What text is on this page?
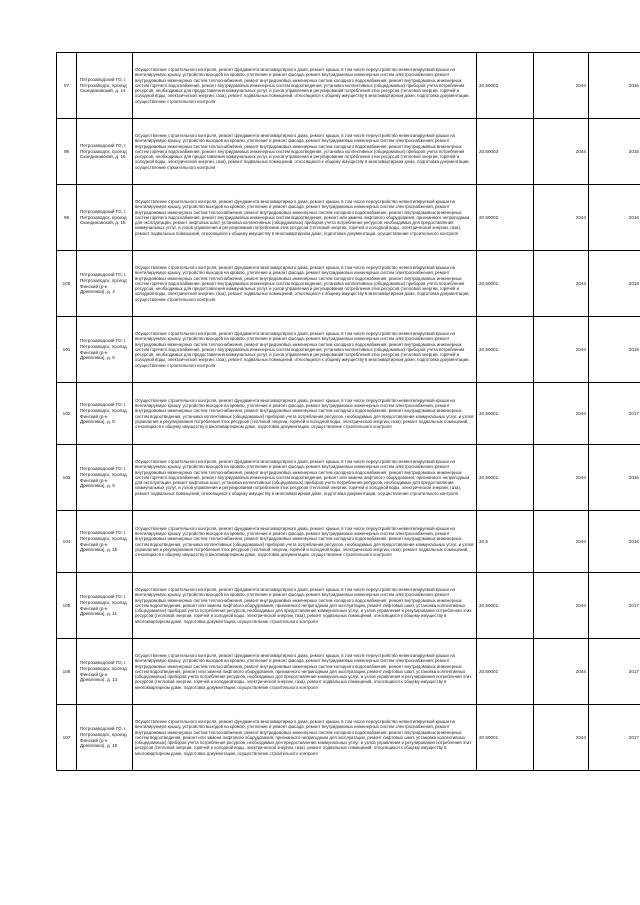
97	Петрозаводский ГО, г. Петрозаводск, проезд Скандинавский, д. 14	Осуществление строительного контроля, ремонт фундамента многоквартирного дома, ремонт крыши, в том числе переустройство невентилируемой крыши на вентилируемую крышу, устройство выходов на кровлю, утепление и ремонт фасада, ремонт внутридомовых инженерных систем электроснабжения, ремонт внутридомовых инженерных систем теплоснабжения, ремонт внутридомовых инженерных систем холодного водоснабжения, ремонт внутридомовых инженерных систем горячего водоснабжения, ремонт внутридомовых инженерных систем водоотведения, установка коллективных (общедомовых) приборов учета потребления ресурсов, необходимых для предоставления коммунальных услуг, и узлов управления и регулирования потребления этих ресурсов (тепловой энергии, горячей и холодной воды, электрической энергии, газа), ремонт подвальных помещений, относящихся к общему имуществу в многоквартирном доме, подготовка документации, осуществление строительного контроля	20.50003	2044	2015
98	Петрозаводский ГО, г. Петрозаводск, проезд Скандинавский, д. 16	Осуществление строительного контроля, ремонт фундамента многоквартирного дома, ремонт крыши, в том числе переустройство невентилируемой крыши на вентилируемую крышу, устройство выходов на кровлю, утепление и ремонт фасада, ремонт внутридомовых инженерных систем электроснабжения, ремонт внутридомовых инженерных систем теплоснабжения, ремонт внутридомовых инженерных систем холодного водоснабжения, ремонт внутридомовых инженерных систем горячего водоснабжения, ремонт внутридомовых инженерных систем водоотведения, установка коллективных (общедомовых) приборов учета потребления ресурсов, необходимых для предоставления коммунальных услуг, и узлов управления и регулирования потребления этих ресурсов (тепловой энергии, горячей и холодной воды, электрической энергии, газа), ремонт подвальных помещений, относящихся к общему имуществу в многоквартирном доме, подготовка документации, осуществление строительного контроля	20.50003	2044	2015
99	Петрозаводский ГО, г. Петрозаводск, проезд Скандинавский, д. 18	Осуществление строительного контроля, ремонт фундамента многоквартирного дома, ремонт крыши, в том числе переустройство невентилируемой крыши на вентилируемую крышу, устройство выходов на кровлю, утепление и ремонт фасада, ремонт внутридомовых инженерных систем электроснабжения, ремонт внутридомовых инженерных систем теплоснабжения, ремонт внутридомовых инженерных систем холодного водоснабжения, ремонт внутридомовых инженерных систем горячего водоснабжения, ремонт внутридомовых инженерных систем водоотведения, ремонт или замена лифтового оборудования, признанного непригодным для эксплуатации, ремонт лифтовых шахт, установка коллективных (общедомовых) приборов учета потребления ресурсов, необходимых для предоставления коммунальных услуг, и узлов управления и регулирования потребления этих ресурсов (тепловой энергии, горячей и холодной воды, электрической энергии, газа), ремонт подвальных помещений, относящихся к общему имуществу в многоквартирном доме, подготовка документации, осуществление строительного контроля	20.50002	2044	2016
100	Петрозаводский ГО, г. Петрозаводск, проезд Финский (р-н Древлянка), д. 4	Осуществление строительного контроля, ремонт фундамента многоквартирного дома, ремонт крыши, в том числе переустройство невентилируемой крыши на вентилируемую крышу, устройство выходов на кровлю, утепление и ремонт фасада, ремонт внутридомовых инженерных систем электроснабжения, ремонт внутридомовых инженерных систем теплоснабжения, ремонт внутридомовых инженерных систем холодного водоснабжения, ремонт внутридомовых инженерных систем горячего водоснабжения, ремонт внутридомовых инженерных систем водоотведения, установка коллективных (общедомовых) приборов учета потребления ресурсов, необходимых для предоставления коммунальных услуг, и узлов управления и регулирования потребления этих ресурсов (тепловой энергии, горячей и холодной воды, электрической энергии, газа), ремонт подвальных помещений, относящихся к общему имуществу в многоквартирном доме, подготовка документации, осуществление строительного контроля	20.50001	2044	2018
101	Петрозаводский ГО, г. Петрозаводск, проезд Финский (р-н Древлянка), д. 6	Осуществление строительного контроля, ремонт фундамента многоквартирного дома, ремонт крыши, в том числе переустройство невентилируемой крыши на вентилируемую крышу, устройство выходов на кровлю, утепление и ремонт фасада, ремонт внутридомовых инженерных систем электроснабжения, ремонт внутридомовых инженерных систем теплоснабжения, ремонт внутридомовых инженерных систем холодного водоснабжения, ремонт внутридомовых инженерных систем горячего водоснабжения, ремонт внутридомовых инженерных систем водоотведения, установка коллективных (общедомовых) приборов учета потребления ресурсов, необходимых для предоставления коммунальных услуг, и узлов управления и регулирования потребления этих ресурсов (тепловой энергии, горячей и холодной воды, электрической энергии, газа), ремонт подвальных помещений, относящихся к общему имуществу в многоквартирном доме, подготовка документации, осуществление строительного контроля	20.50001	2044	2018
102	Петрозаводский ГО, г. Петрозаводск, проезд Финский (р-н Древлянка), д. 8	Осуществление строительного контроля, ремонт фундамента многоквартирного дома, ремонт крыши, в том числе переустройство невентилируемой крыши на вентилируемую крышу, устройство выходов на кровлю, утепление и ремонт фасада, ремонт внутридомовых инженерных систем электроснабжения, ремонт внутридомовых инженерных систем теплоснабжения, ремонт внутридомовых инженерных систем холодного водоснабжения, ремонт внутридомовых инженерных систем водоотведения, установка коллективных (общедомовых) приборов учета потребления ресурсов, необходимых для предоставления коммунальных услуг, и узлов управления и регулирования потребления этих ресурсов (тепловой энергии, горячей и холодной воды, электрической энергии, газа), ремонт подвальных помещений, относящихся к общему имуществу в многоквартирном доме, подготовка документации, осуществление строительного контроля	20.50001	2044	2017
103	Петрозаводский ГО, г. Петрозаводск, проезд Финский (р-н Древлянка), д. 9	Осуществление строительного контроля, ремонт фундамента многоквартирного дома, ремонт крыши, в том числе переустройство невентилируемой крыши на вентилируемую крышу, устройство выходов на кровлю, утепление и ремонт фасада, ремонт внутридомовых инженерных систем электроснабжения, ремонт внутридомовых инженерных систем теплоснабжения, ремонт внутридомовых инженерных систем холодного водоснабжения, ремонт внутридомовых инженерных систем горячего водоснабжения, ремонт внутридомовых инженерных систем водоотведения, ремонт или замена лифтового оборудования, признанного непригодным для эксплуатации, ремонт лифтовых шахт, установка коллективных (общедомовых) приборов учета потребления ресурсов, необходимых для предоставления коммунальных услуг, и узлов управления и регулирования потребления этих ресурсов (тепловой энергии, горячей и холодной воды, электрической энергии, газа), ремонт подвальных помещений, относящихся к общему имуществу в многоквартирном доме, подготовка документации, осуществление строительного контроля	20.50001	2044	2015
104	Петрозаводский ГО, г. Петрозаводск, проезд Финский (р-н Древлянка), д. 10	Осуществление строительного контроля, ремонт фундамента многоквартирного дома, ремонт крыши, в том числе переустройство невентилируемой крыши на вентилируемую крышу, устройство выходов на кровлю, утепление и ремонт фасада, ремонт внутридомовых инженерных систем электроснабжения, ремонт внутридомовых инженерных систем теплоснабжения, ремонт внутридомовых инженерных систем холодного водоснабжения, ремонт внутридомовых инженерных систем водоотведения, установка коллективных (общедомовых) приборов учета потребления ресурсов, необходимых для предоставления коммунальных услуг, и узлов управления и регулирования потребления этих ресурсов (тепловой энергии, горячей и холодной воды, электрической энергии, газа), ремонт подвальных помещений, относящихся к общему имуществу в многоквартирном доме, подготовка документации, осуществление строительного контроля	20.5	2044	2016
105	Петрозаводский ГО, г. Петрозаводск, проезд Финский (р-н Древлянка), д. 11	Осуществление строительного контроля, ремонт фундамента многоквартирного дома, ремонт крыши, в том числе переустройство невентилируемой крыши на вентилируемую крышу, устройство выходов на кровлю, утепление и ремонт фасада, ремонт внутридомовых инженерных систем электроснабжения, ремонт внутридомовых инженерных систем теплоснабжения, ремонт внутридомовых инженерных систем холодного водоснабжения, ремонт внутридомовых инженерных систем водоотведения, ремонт или замена лифтового оборудования, признанного непригодным для эксплуатации, ремонт лифтовых шахт, установка коллективных (общедомовых) приборов учета потребления ресурсов, необходимых для предоставления коммунальных услуг, и узлов управления и регулирования потребления этих ресурсов (тепловой энергии, горячей и холодной воды, электрической энергии, газа), ремонт подвальных помещений, относящихся к общему имуществу в многоквартирном доме, подготовка документации, осуществление строительного контроля	20.50001	2044	2017
106	Петрозаводский ГО, г. Петрозаводск, проезд Финский (р-н Древлянка), д. 13	Осуществление строительного контроля, ремонт фундамента многоквартирного дома, ремонт крыши, в том числе переустройство невентилируемой крыши на вентилируемую крышу, устройство выходов на кровлю, утепление и ремонт фасада, ремонт внутридомовых инженерных систем электроснабжения, ремонт внутридомовых инженерных систем теплоснабжения, ремонт внутридомовых инженерных систем холодного водоснабжения, ремонт внутридомовых инженерных систем водоотведения, ремонт или замена лифтового оборудования, признанного непригодным для эксплуатации, ремонт лифтовых шахт, установка коллективных (общедомовых) приборов учета потребления ресурсов, необходимых для предоставления коммунальных услуг, и узлов управления и регулирования потребления этих ресурсов (тепловой энергии, горячей и холодной воды, электрической энергии, газа), ремонт подвальных помещений, относящихся к общему имуществу в многоквартирном доме, подготовка документации, осуществление строительного контроля	20.50001	2044	2017
107	Петрозаводский ГО, г. Петрозаводск, проезд Финский (р-н Древлянка), д. 15	Осуществление строительного контроля, ремонт фундамента многоквартирного дома, ремонт крыши, в том числе переустройство невентилируемой крыши на вентилируемую крышу, устройство выходов на кровлю, утепление и ремонт фасада, ремонт внутридомовых инженерных систем электроснабжения, ремонт внутридомовых инженерных систем теплоснабжения, ремонт внутридомовых инженерных систем холодного водоснабжения, ремонт внутридомовых инженерных систем водоотведения, ремонт или замена лифтового оборудования, признанного непригодным для эксплуатации, ремонт лифтовых шахт, установка коллективных (общедомовых) приборов учета потребления ресурсов, необходимых для предоставления коммунальных услуг, и узлов управления и регулирования потребления этих ресурсов (тепловой энергии, горячей и холодной воды, электрической энергии, газа), ремонт подвальных помещений, относящихся к общему имуществу в многоквартирном доме, подготовка документации, осуществление строительного контроля	20.50001	2044	2017
